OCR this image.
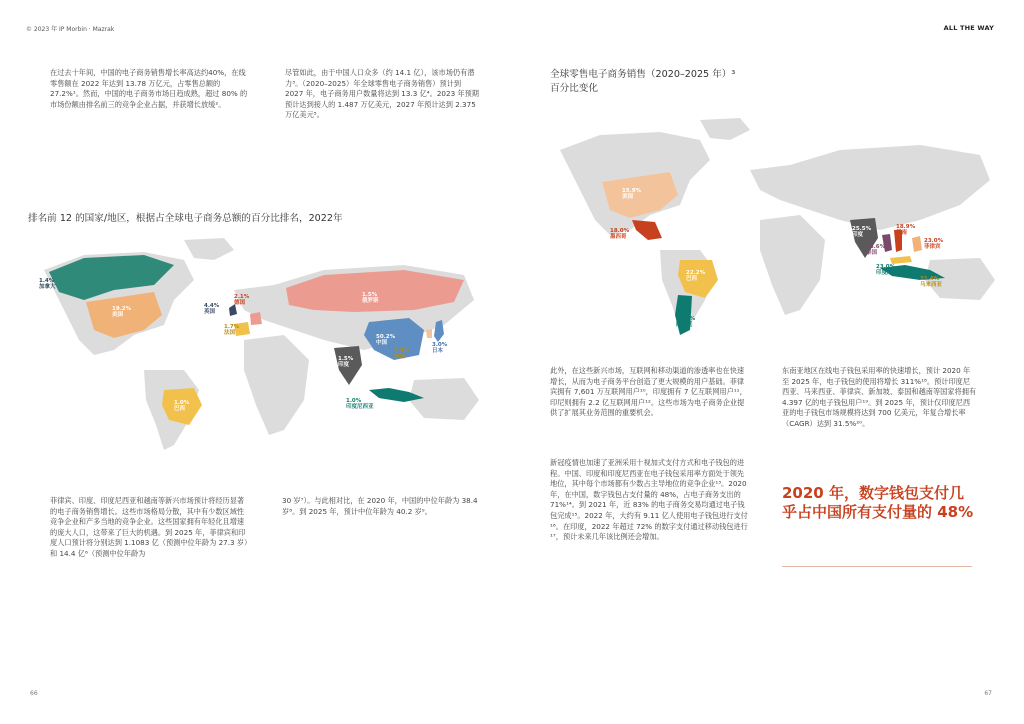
© 2023 年 IP Morbin · Mazrak	ALL THE WAY
在过去十年间，中国的电子商务销售增长率高达约40%，在线零售额在 2022 年达到 13.78 万亿元，占零售总额的 27.2%¹。然而，中国的电子商务市场日趋成熟，超过 80% 的市场份额由排名前三的竞争企业占据，并获增长放缓²。
尽管如此，由于中国人口众多（约 14.1 亿），该市场仍有潜力³。（2020–2025）年全球零售电子商务销售）预计到 2027 年，电子商务用户数量将达到 13.3 亿⁴。2023 年预期预计达到接人的 1.487 万亿美元，2027 年预计达到 2.375 万亿美元⁵。
排名前 12 的国家/地区，根据占全球电子商务总额的百分比排名，2022年
1.4%加拿大
19.2%美国
4.4%英国
2.1%德国
1.7%法国
1.5%俄罗斯
50.2%中国
2.9%韩国
3.0%日本
1.5%印度
1.0%印度尼西亚
1.0%巴西
菲律宾、印度、印度尼西亚和越南等新兴市场预计将经历显著的电子商务销售增长。这些市场格局分散，其中有少数区域性竞争企业和产多当地的竞争企业。这些国家拥有年轻化且增速的庞大人口，这带来了巨大的机遇。到 2025 年，菲律宾和印度人口预计将分别达到 1.1083 亿（预测中位年龄为 27.3 岁）和 14.4 亿⁶（预测中位年龄为
30 岁⁷）。与此相对比，在 2020 年，中国的中位年龄为 38.4 岁⁸。到 2025 年，预计中位年龄为 40.2 岁⁹。
66
全球零售电子商务销售（2020–2025 年）³
百分比变化
15.9%美国
18.0%墨西哥
22.2%巴西
18.0%阿根廷
25.5%印度
18.6%泰国
18.9%越南
23.0%菲律宾
23.0%印度尼西亚
21.4%马来西亚
此外，在这些新兴市场，互联网和移动渠道的渗透率也在快速增长，从而为电子商务平台创造了更大规模的用户基础。菲律宾拥有 7,601 万互联网用户¹⁰，印度拥有 7 亿互联网用户¹¹，印尼则拥有 2.2 亿互联网用户¹²。这些市场为电子商务企业提供了扩展其业务范围的重要机会。
新冠疫情也加速了亚洲采用十视加式支付方式和电子钱包的进程。中国、印度和印度尼西亚在电子钱包采用率方面处于领先地位，其中每个市场都有少数占主导地位的竞争企业¹³。2020 年，在中国，数字钱包占支付量的 48%，占电子商务支出的 71%¹⁴。到 2021 年，近 83% 的电子商务交易均通过电子钱包完成¹⁵。2022 年，大约有 9.11 亿人使用电子钱包进行支付¹⁶。在印度，2022 年超过 72% 的数字支付通过移动钱包进行¹⁷，预计未来几年该比例还会增加。
东南亚地区在线电子钱包采用率的快速增长，预计 2020 年至 2025 年，电子钱包的使用将增长 311%¹⁸。预计印度尼西亚、马来西亚、菲律宾、新加坡、泰国和越南等国家将拥有 4.397 亿的电子钱包用户¹⁹。到 2025 年，预计仅印度尼西亚的电子钱包市场规模将达到 700 亿美元，年复合增长率（CAGR）达到 31.5%²⁰。
2020 年，数字钱包支付几乎占中国所有支付量的 48%
67
